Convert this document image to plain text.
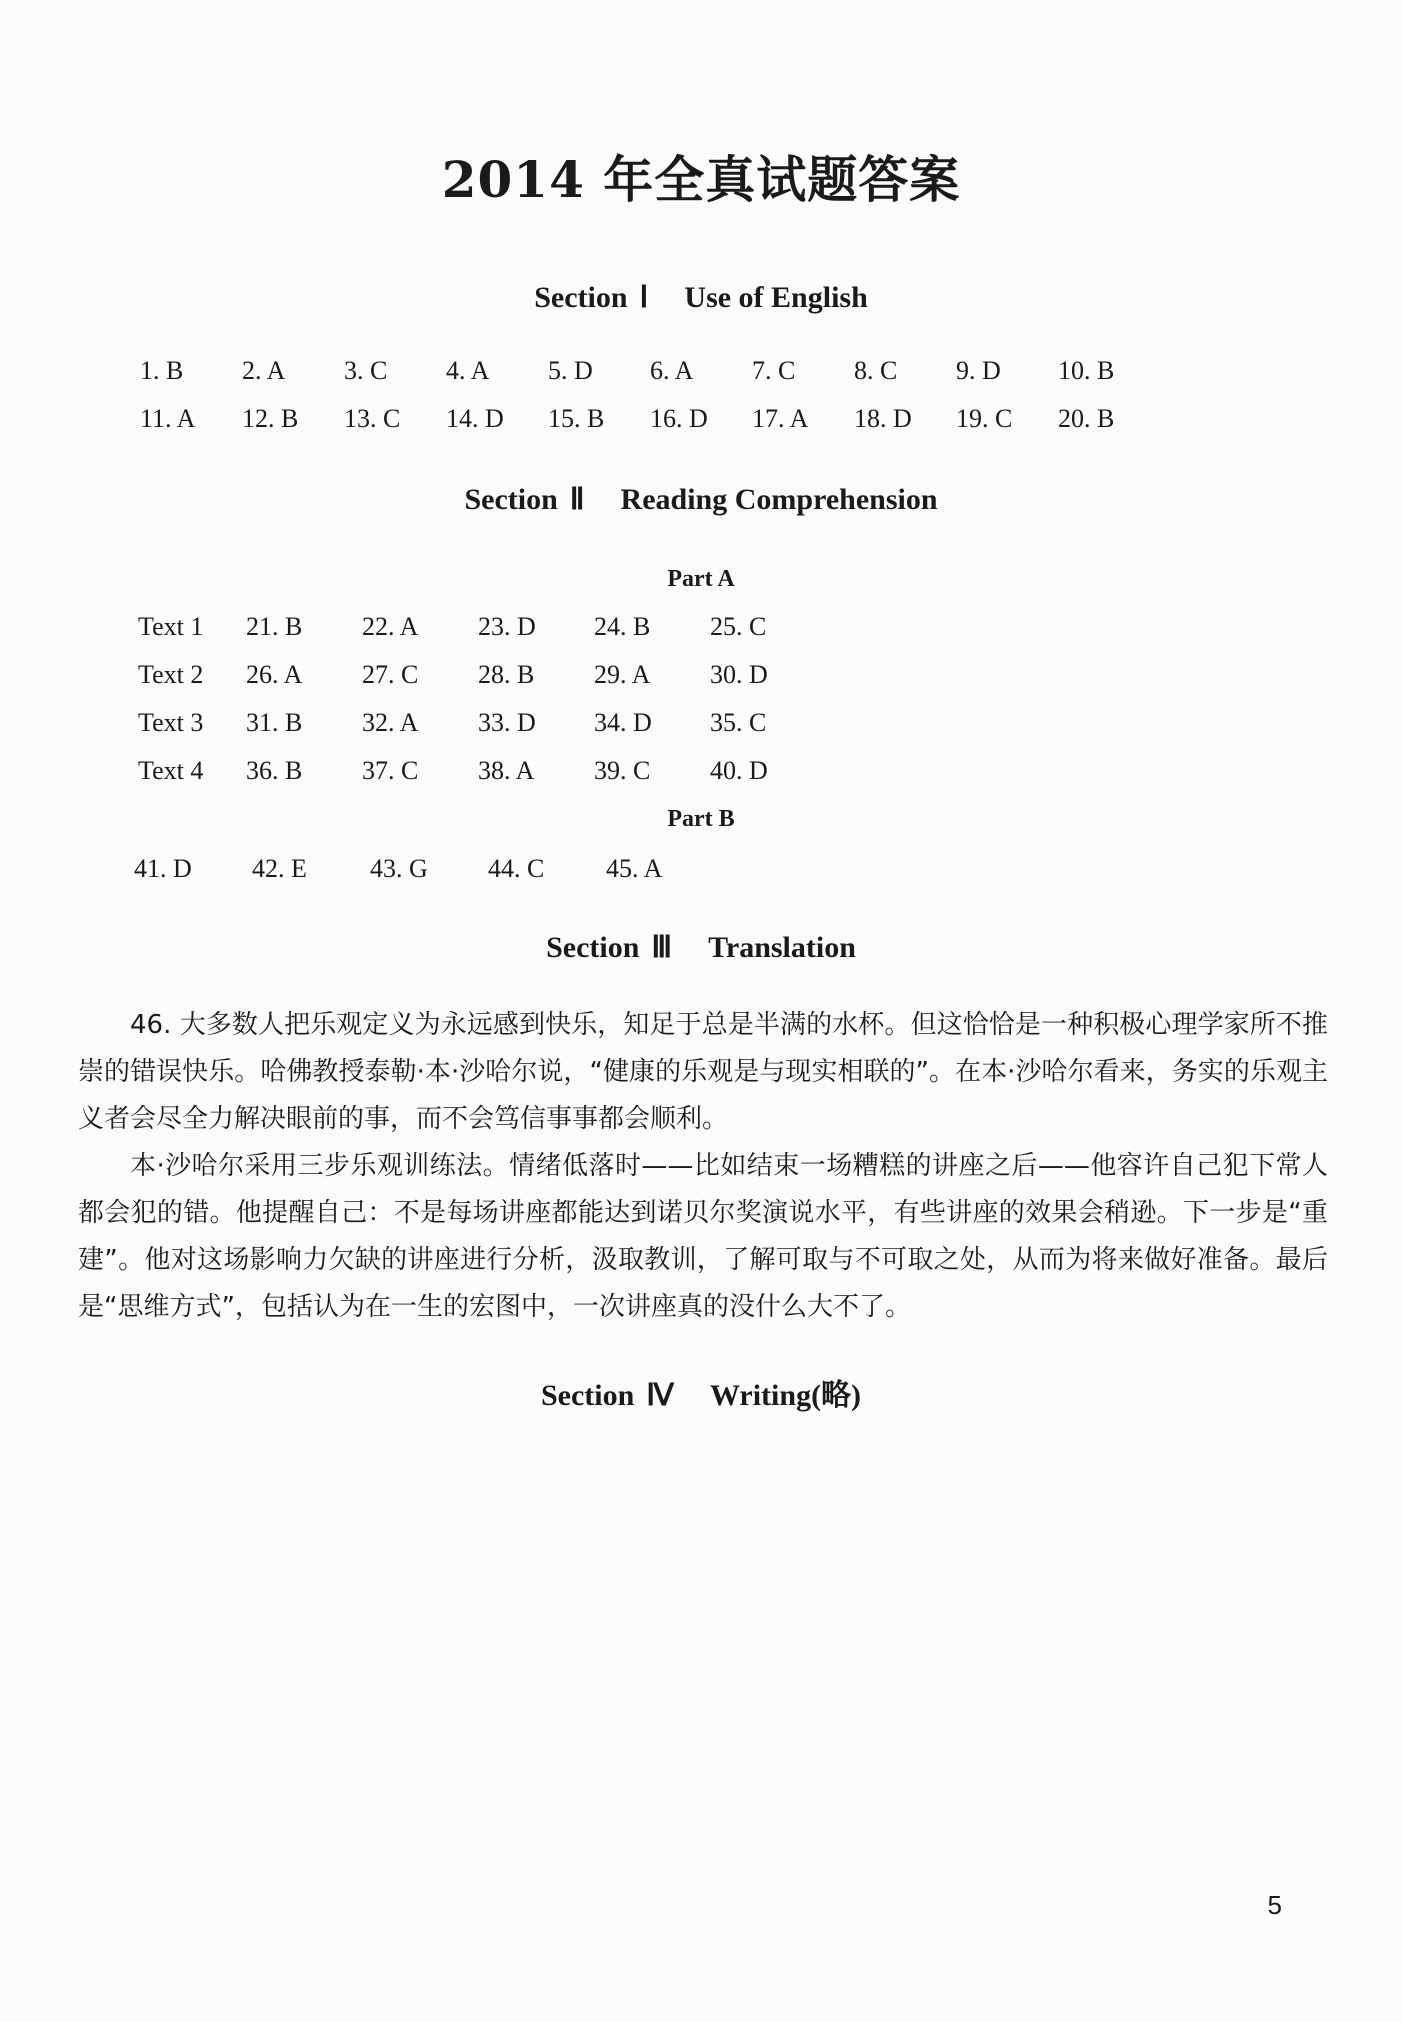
2014 年全真试题答案
Section Ⅰ Use of English
1. B 2. A 3. C 4. A 5. D 6. A 7. C 8. C 9. D 10. B
11. A 12. B 13. C 14. D 15. B 16. D 17. A 18. D 19. C 20. B
Section Ⅱ Reading Comprehension
Part A
Text 1 21. B 22. A 23. D 24. B 25. C
Text 2 26. A 27. C 28. B 29. A 30. D
Text 3 31. B 32. A 33. D 34. D 35. C
Text 4 36. B 37. C 38. A 39. C 40. D
Part B
41. D 42. E 43. G 44. C 45. A
Section Ⅲ Translation

46. 大多数人把乐观定义为永远感到快乐，知足于总是半满的水杯。但这恰恰是一种积极心理学家所不推崇的错误快乐。哈佛教授泰勒·本·沙哈尔说，“健康的乐观是与现实相联的”。在本·沙哈尔看来，务实的乐观主义者会尽全力解决眼前的事，而不会笃信事事都会顺利。

本·沙哈尔采用三步乐观训练法。情绪低落时——比如结束一场糟糕的讲座之后——他容许自己犯下常人都会犯的错。他提醒自己：不是每场讲座都能达到诺贝尔奖演说水平，有些讲座的效果会稍逊。下一步是“重建”。他对这场影响力欠缺的讲座进行分析，汲取教训，了解可取与不可取之处，从而为将来做好准备。最后是“思维方式”，包括认为在一生的宏图中，一次讲座真的没什么大不了。

Section Ⅳ Writing(略)
5
